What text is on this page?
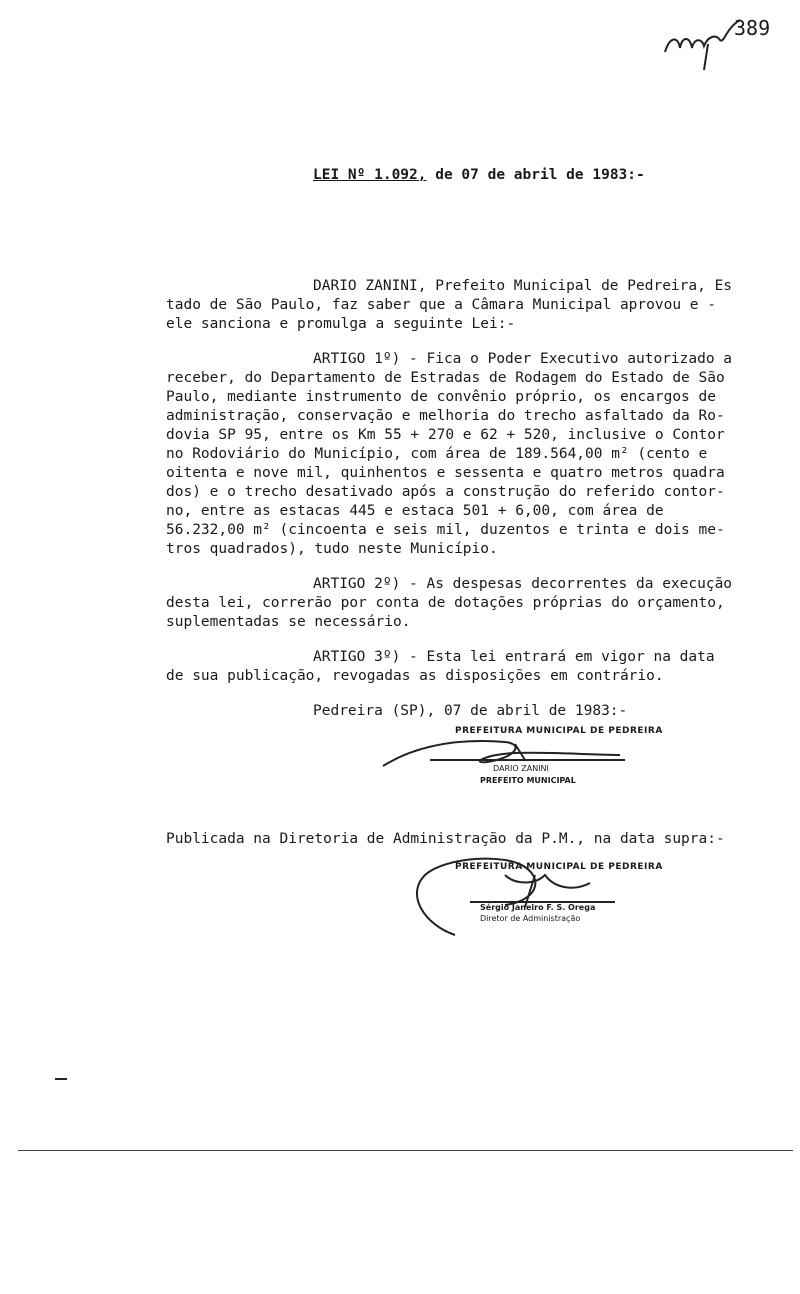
389
LEI Nº 1.092, de 07 de abril de 1983:-
DARIO ZANINI, Prefeito Municipal de Pedreira, Es
tado de São Paulo, faz saber que a Câmara Municipal aprovou e -
ele sanciona e promulga a seguinte Lei:-
ARTIGO 1º) - Fica o Poder Executivo autorizado a
receber, do Departamento de Estradas de Rodagem do Estado de São
Paulo, mediante instrumento de convênio próprio, os encargos de
administração, conservação e melhoria do trecho asfaltado da Ro-
dovia SP 95, entre os Km 55 + 270 e 62 + 520, inclusive o Contor
no Rodoviário do Município, com área de 189.564,00 m² (cento e
oitenta e nove mil, quinhentos e sessenta e quatro metros quadra
dos) e o trecho desativado após a construção do referido contor-
no, entre as estacas 445 e estaca 501 + 6,00, com área de
56.232,00 m² (cincoenta e seis mil, duzentos e trinta e dois me-
tros quadrados), tudo neste Município.
ARTIGO 2º) - As despesas decorrentes da execução
desta lei, correrão por conta de dotações próprias do orçamento,
suplementadas se necessário.
ARTIGO 3º) - Esta lei entrará em vigor na data
de sua publicação, revogadas as disposições em contrário.
Pedreira (SP), 07 de abril de 1983:-
PREFEITURA MUNICIPAL DE PEDREIRA
DARIO ZANINI
PREFEITO MUNICIPAL
Publicada na Diretoria de Administração da P.M., na data supra:-
PREFEITURA MUNICIPAL DE PEDREIRA
Sérgio Janeiro F. S. Orega
Diretor de Administração
